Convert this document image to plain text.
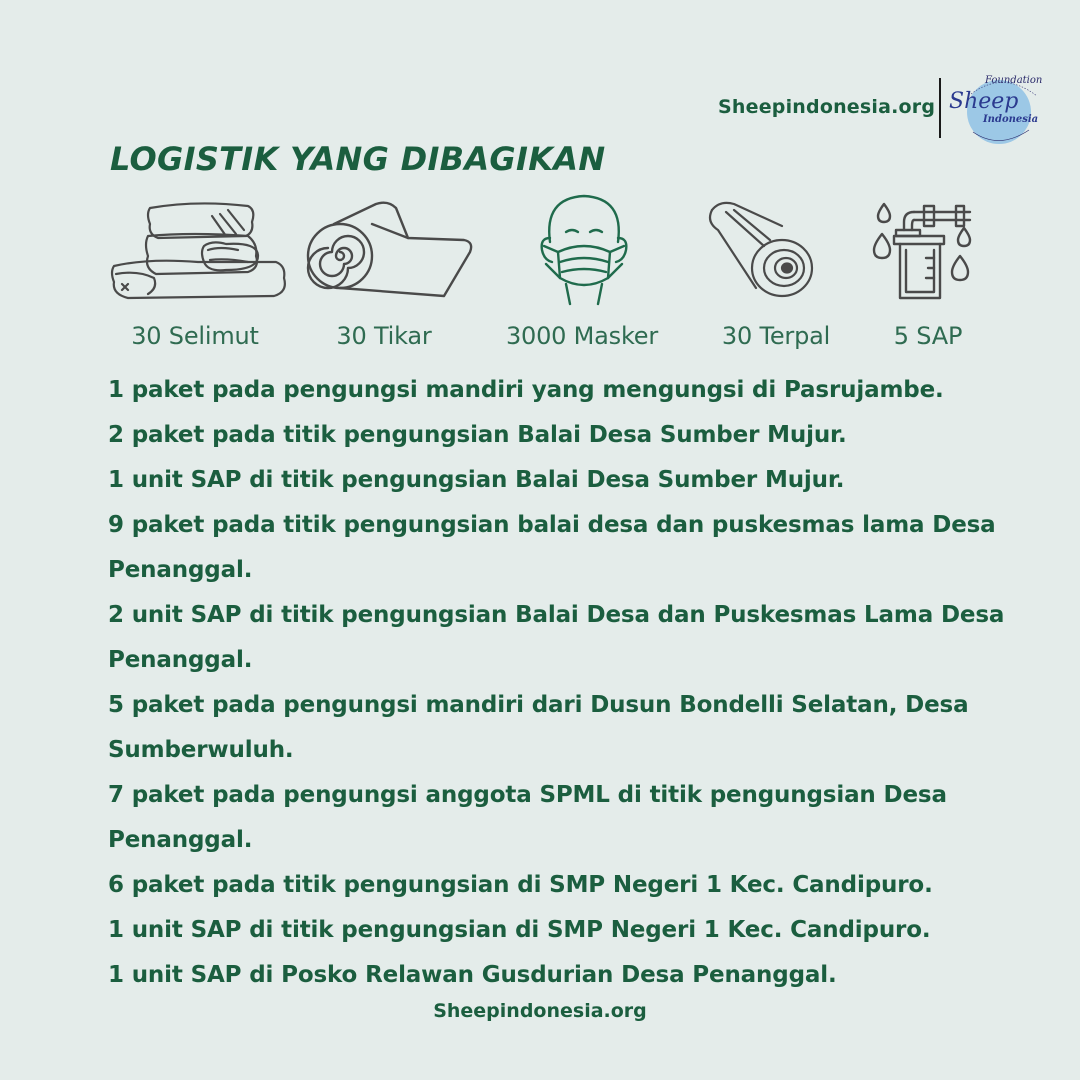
Sheepindonesia.org
Foundation
Sheep
Indonesia
LOGISTIK YANG DIBAGIKAN
30 Selimut	30 Tikar	3000 Masker	30 Terpal	5 SAP
1 paket pada pengungsi mandiri yang mengungsi di Pasrujambe.
2 paket pada titik pengungsian Balai Desa Sumber Mujur.
1 unit SAP di titik pengungsian Balai Desa Sumber Mujur.
9 paket pada titik pengungsian balai desa dan puskesmas lama Desa Penanggal.
2 unit SAP di titik pengungsian Balai Desa dan Puskesmas Lama Desa Penanggal.
5 paket pada pengungsi mandiri dari Dusun Bondelli Selatan, Desa Sumberwuluh.
7 paket pada pengungsi anggota SPML di titik pengungsian Desa Penanggal.
6 paket pada titik pengungsian di SMP Negeri 1 Kec. Candipuro.
1 unit SAP di titik pengungsian di SMP Negeri 1 Kec. Candipuro.
1 unit SAP di Posko Relawan Gusdurian Desa Penanggal.
Sheepindonesia.org
